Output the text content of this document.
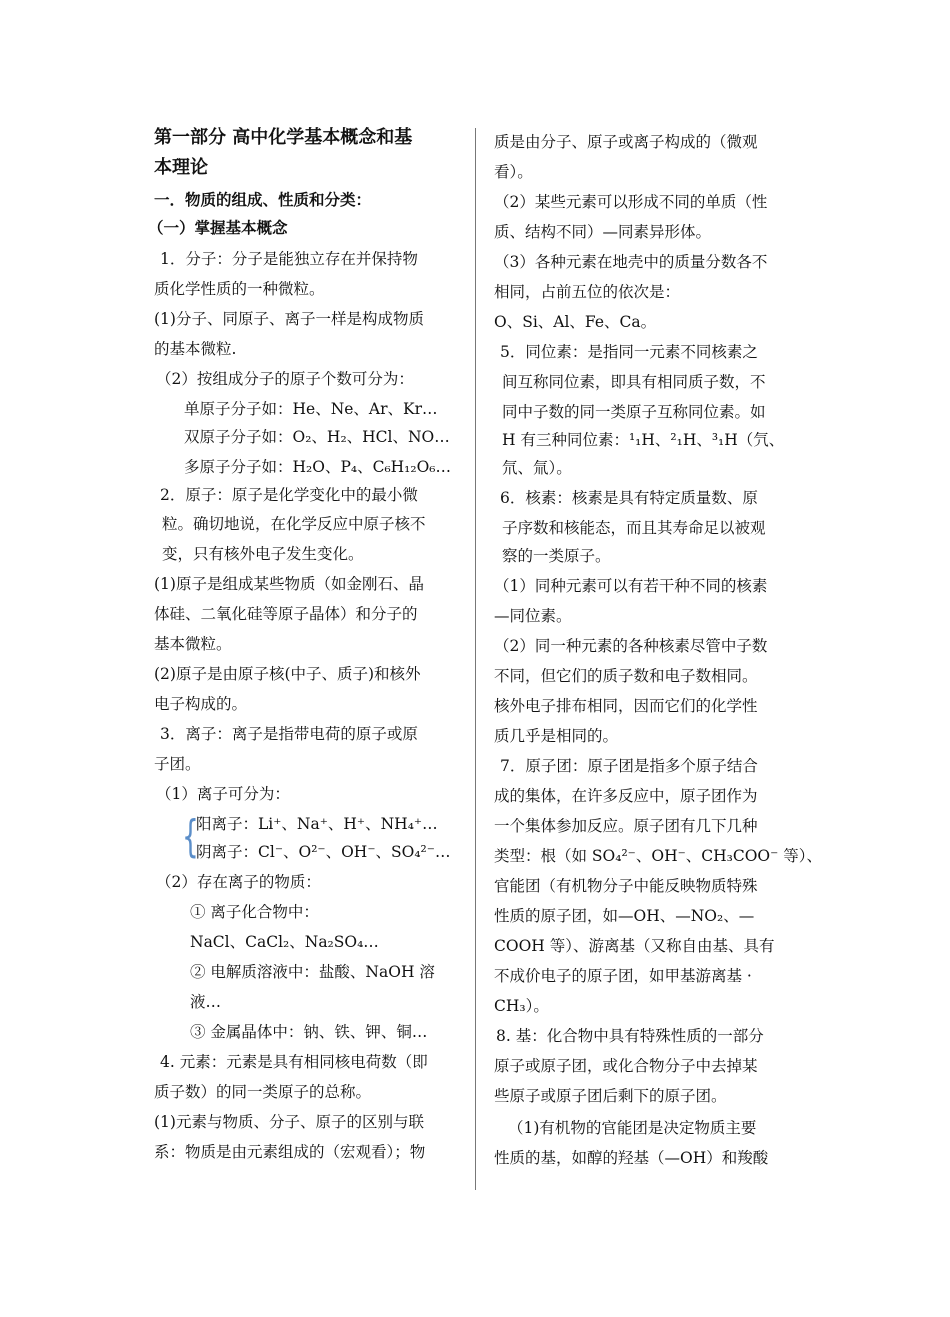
第一部分 高中化学基本概念和基
本理论
一．物质的组成、性质和分类：
（一）掌握基本概念
1．分子：分子是能独立存在并保持物
质化学性质的一种微粒。
(1)分子、同原子、离子一样是构成物质
的基本微粒.
（2）按组成分子的原子个数可分为：
单原子分子如：He、Ne、Ar、Kr…
双原子分子如：O₂、H₂、HCl、NO…
多原子分子如：H₂O、P₄、C₆H₁₂O₆…
2．原子：原子是化学变化中的最小微
粒。确切地说，在化学反应中原子核不
变，只有核外电子发生变化。
(1)原子是组成某些物质（如金刚石、晶
体硅、二氧化硅等原子晶体）和分子的
基本微粒。
(2)原子是由原子核(中子、质子)和核外
电子构成的。
3．离子：离子是指带电荷的原子或原
子团。
（1）离子可分为：
阳离子：Li⁺、Na⁺、H⁺、NH₄⁺…
阴离子：Cl⁻、O²⁻、OH⁻、SO₄²⁻…
（2）存在离子的物质：
① 离子化合物中：
NaCl、CaCl₂、Na₂SO₄…
② 电解质溶液中：盐酸、NaOH 溶
液…
③ 金属晶体中：钠、铁、钾、铜…
4. 元素：元素是具有相同核电荷数（即
质子数）的同一类原子的总称。
(1)元素与物质、分子、原子的区别与联
系：物质是由元素组成的（宏观看）；物
{
质是由分子、原子或离子构成的（微观
看）。
（2）某些元素可以形成不同的单质（性
质、结构不同）—同素异形体。
（3）各种元素在地壳中的质量分数各不
相同，占前五位的依次是：
O、Si、Al、Fe、Ca。
5．同位素：是指同一元素不同核素之
间互称同位素，即具有相同质子数，不
同中子数的同一类原子互称同位素。如
H 有三种同位素：¹₁H、²₁H、³₁H（氕、
氘、氚）。
6．核素：核素是具有特定质量数、原
子序数和核能态，而且其寿命足以被观
察的一类原子。
（1）同种元素可以有若干种不同的核素
—同位素。
（2）同一种元素的各种核素尽管中子数
不同，但它们的质子数和电子数相同。
核外电子排布相同，因而它们的化学性
质几乎是相同的。
7．原子团：原子团是指多个原子结合
成的集体，在许多反应中，原子团作为
一个集体参加反应。原子团有几下几种
类型：根（如 SO₄²⁻、OH⁻、CH₃COO⁻ 等）、
官能团（有机物分子中能反映物质特殊
性质的原子团，如—OH、—NO₂、—
COOH 等）、游离基（又称自由基、具有
不成价电子的原子团，如甲基游离基 ·
CH₃）。
8. 基：化合物中具有特殊性质的一部分
原子或原子团，或化合物分子中去掉某
些原子或原子团后剩下的原子团。
（1)有机物的官能团是决定物质主要
性质的基，如醇的羟基（—OH）和羧酸
